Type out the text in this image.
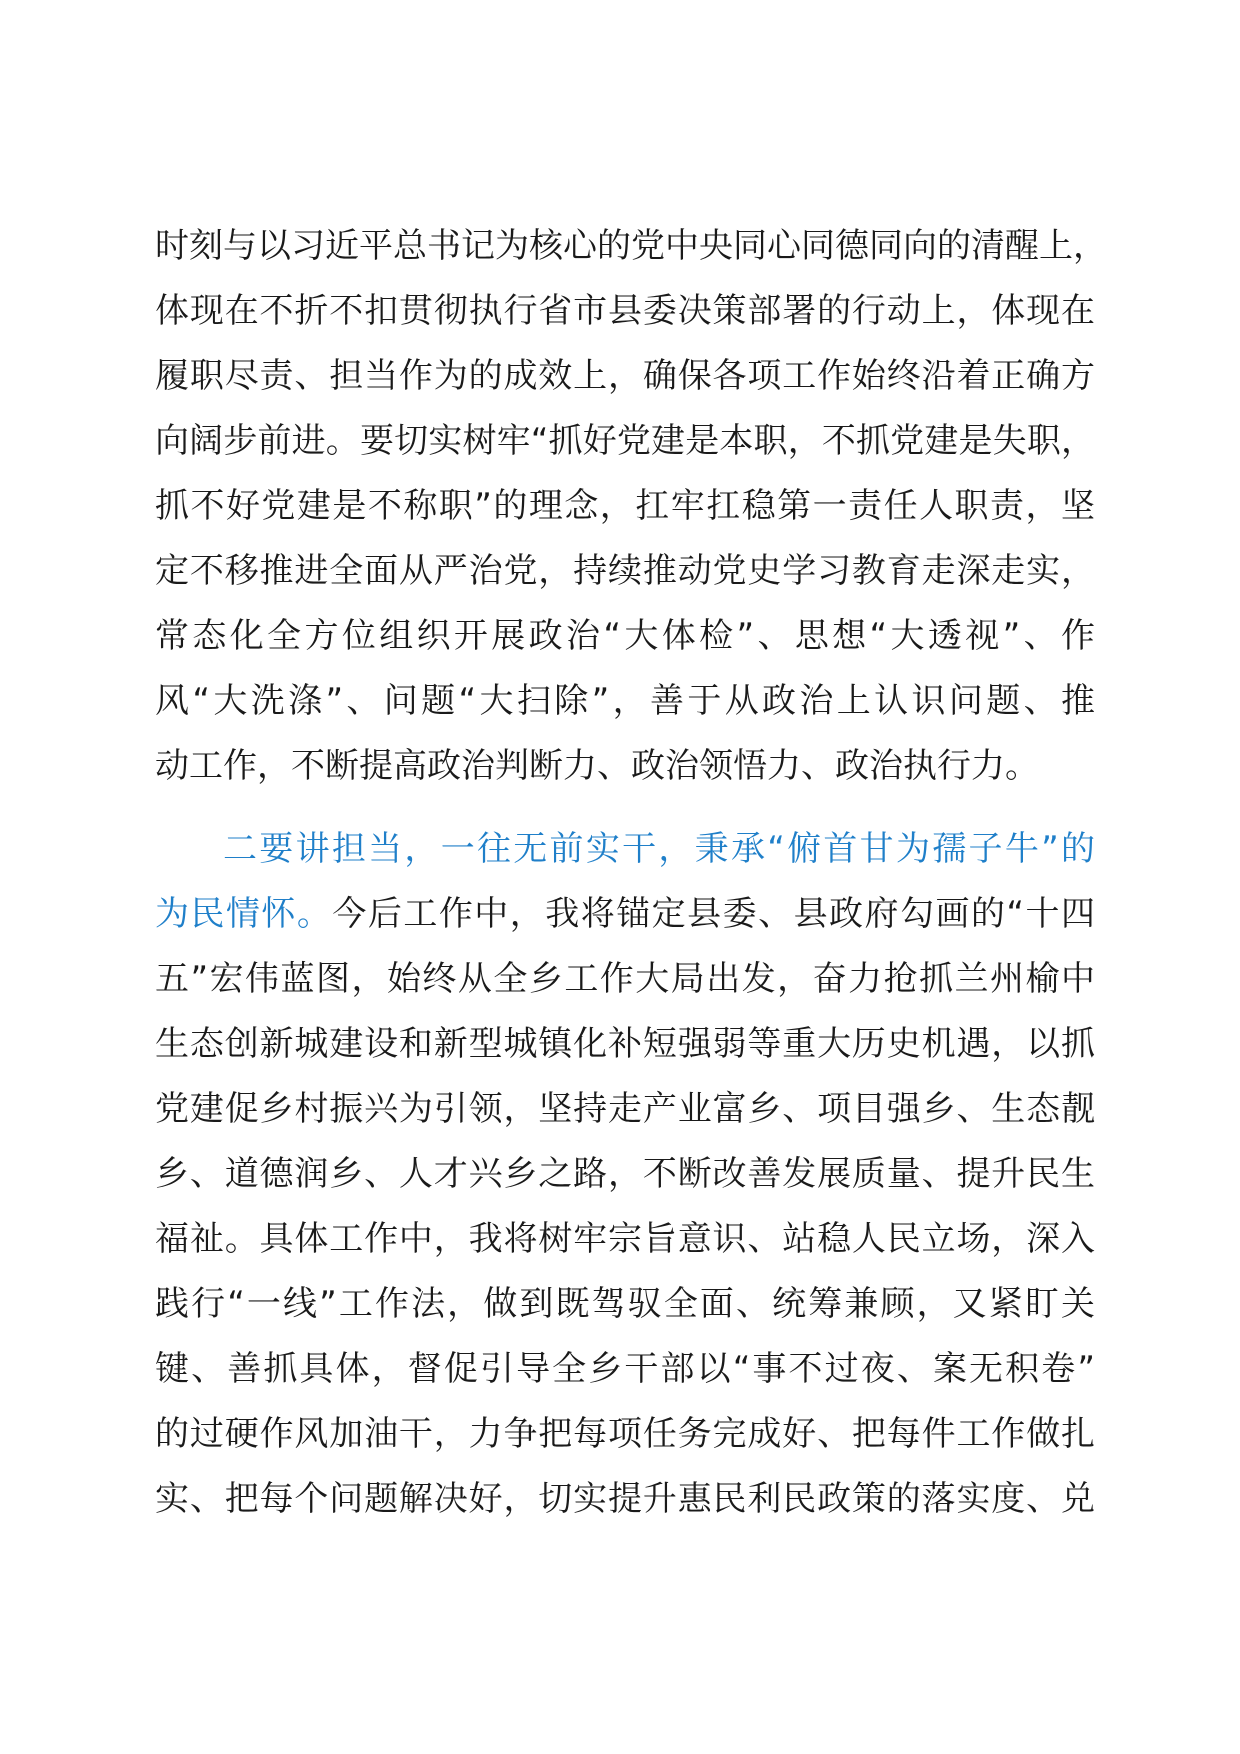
时刻与以习近平总书记为核心的党中央同心同德同向的清醒上，
体现在不折不扣贯彻执行省市县委决策部署的行动上，体现在
履职尽责、担当作为的成效上，确保各项工作始终沿着正确方
向阔步前进。要切实树牢“抓好党建是本职，不抓党建是失职，
抓不好党建是不称职”的理念，扛牢扛稳第一责任人职责，坚
定不移推进全面从严治党，持续推动党史学习教育走深走实，
常态化全方位组织开展政治“大体检”、思想“大透视”、作
风“大洗涤”、问题“大扫除”，善于从政治上认识问题、推
动工作，不断提高政治判断力、政治领悟力、政治执行力。
二要讲担当，一往无前实干，秉承“俯首甘为孺子牛”的
为民情怀。今后工作中，我将锚定县委、县政府勾画的“十四
五”宏伟蓝图，始终从全乡工作大局出发，奋力抢抓兰州榆中
生态创新城建设和新型城镇化补短强弱等重大历史机遇，以抓
党建促乡村振兴为引领，坚持走产业富乡、项目强乡、生态靓
乡、道德润乡、人才兴乡之路，不断改善发展质量、提升民生
福祉。具体工作中，我将树牢宗旨意识、站稳人民立场，深入
践行“一线”工作法，做到既驾驭全面、统筹兼顾，又紧盯关
键、善抓具体，督促引导全乡干部以“事不过夜、案无积卷”
的过硬作风加油干，力争把每项任务完成好、把每件工作做扎
实、把每个问题解决好，切实提升惠民利民政策的落实度、兑
